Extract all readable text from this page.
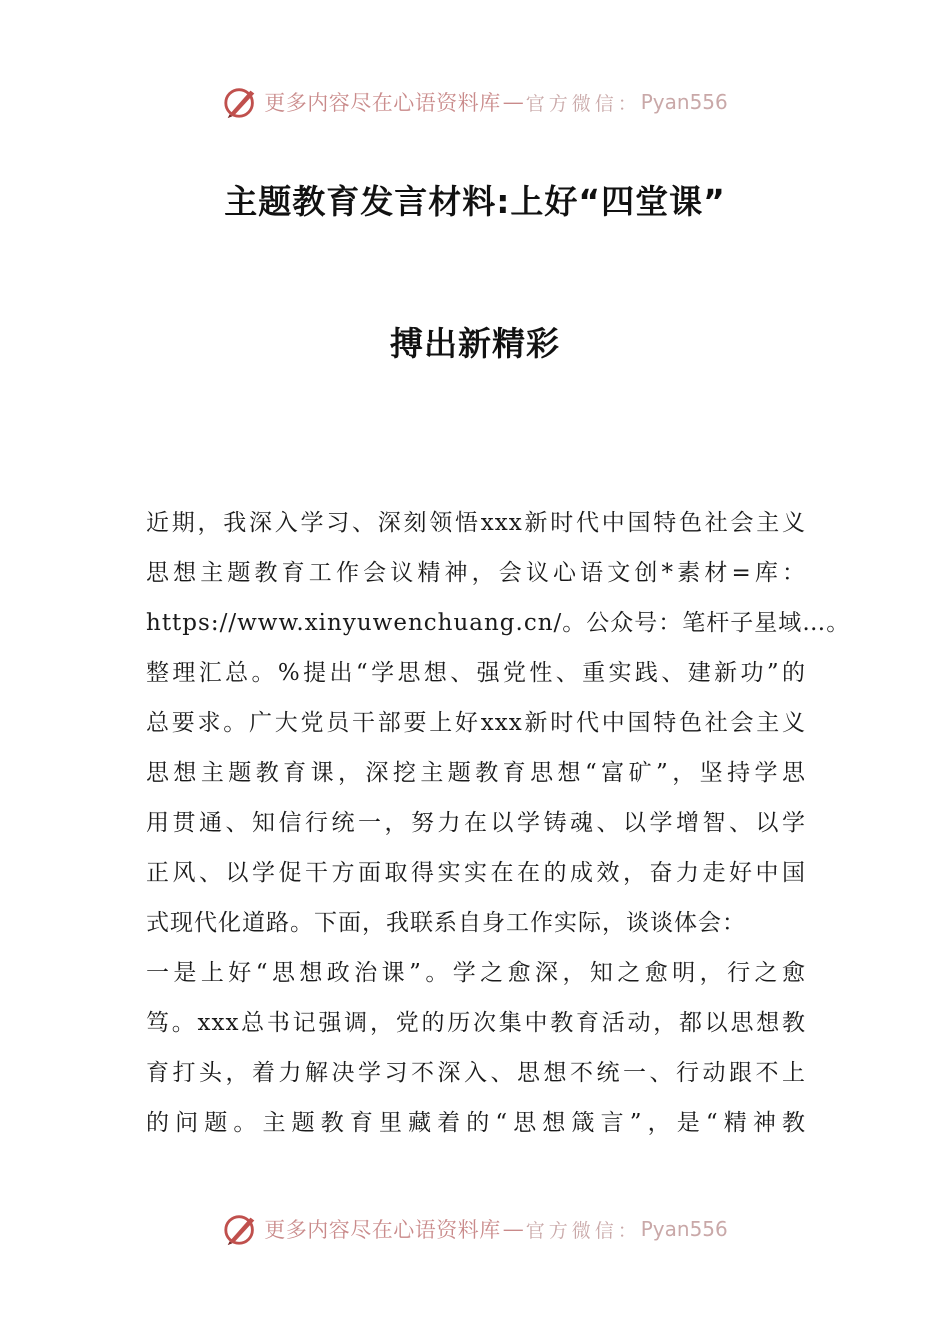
更多内容尽在心语资料库 — 官方微信： Pyan556
主题教育发言材料:上好“四堂课”
搏出新精彩
近期，我深入学习、深刻领悟xxx新时代中国特色社会主义
思想主题教育工作会议精神，会议心语文创*素材=库：
https://www.xinyuwenchuang.cn/。公众号：笔杆子星域…。
整理汇总。%提出“学思想、强党性、重实践、建新功”的
总要求。广大党员干部要上好xxx新时代中国特色社会主义
思想主题教育课，深挖主题教育思想“富矿”，坚持学思
用贯通、知信行统一，努力在以学铸魂、以学增智、以学
正风、以学促干方面取得实实在在的成效，奋力走好中国
式现代化道路。下面，我联系自身工作实际，谈谈体会：
一是上好“思想政治课”。学之愈深，知之愈明，行之愈
笃。xxx总书记强调，党的历次集中教育活动，都以思想教
育打头，着力解决学习不深入、思想不统一、行动跟不上
的问题。主题教育里藏着的“思想箴言”，是“精神教
更多内容尽在心语资料库 — 官方微信： Pyan556
